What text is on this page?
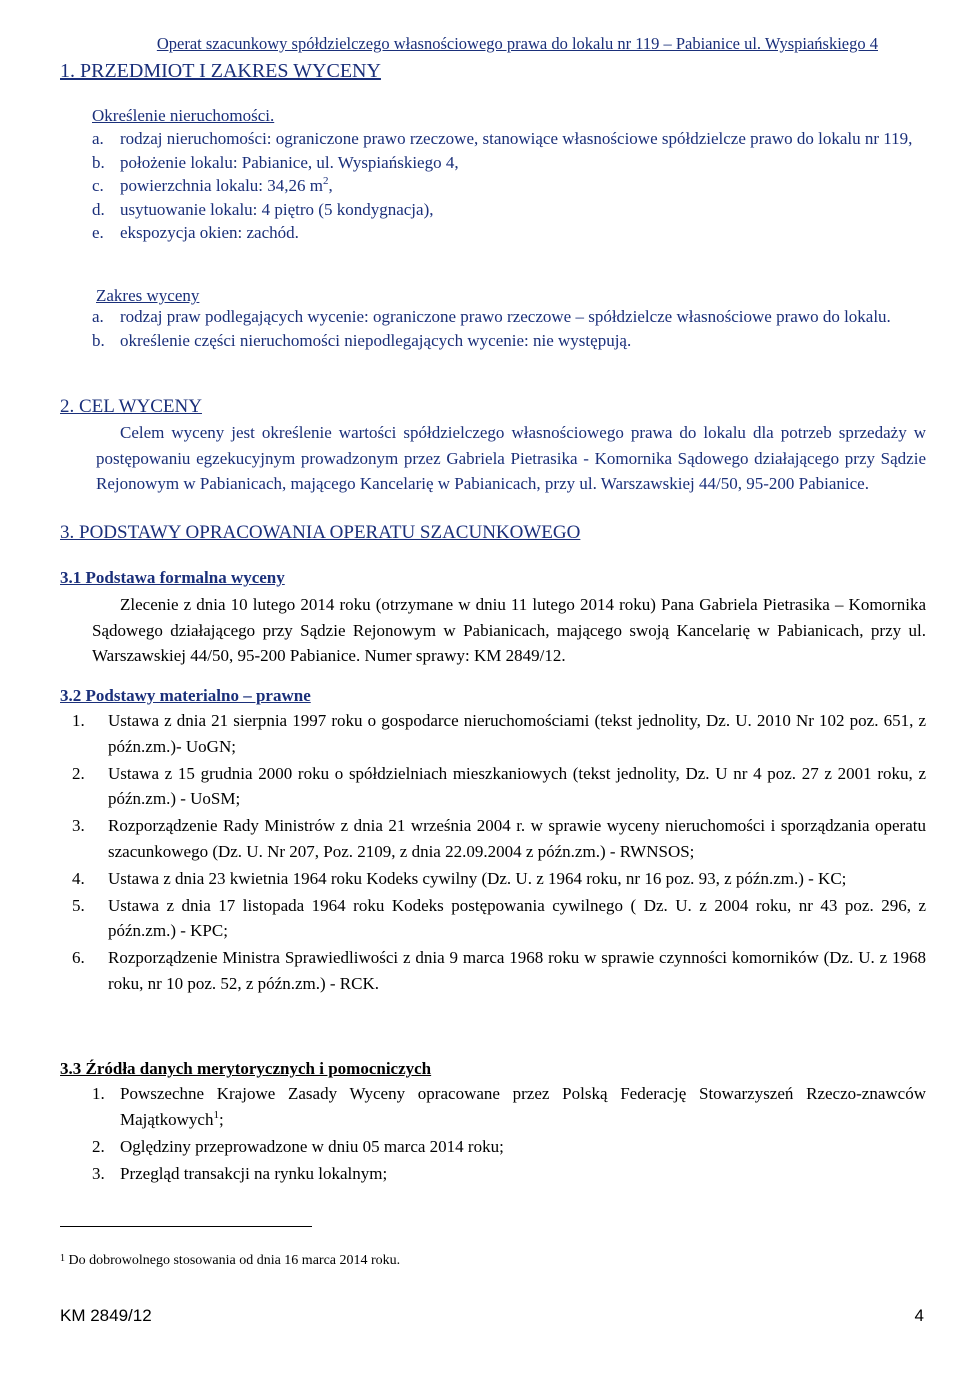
Operat szacunkowy spółdzielczego własnościowego prawa do lokalu nr 119 – Pabianice ul. Wyspiańskiego 4
1. PRZEDMIOT I ZAKRES WYCENY
Określenie nieruchomości.
a. rodzaj nieruchomości: ograniczone prawo rzeczowe, stanowiące własnościowe spółdzielcze prawo do lokalu nr 119,
b. położenie lokalu: Pabianice, ul. Wyspiańskiego 4,
c. powierzchnia lokalu: 34,26 $m^2$,
d. usytuowanie lokalu: 4 piętro (5 kondygnacja),
e. ekspozycja okien: zachód.
Zakres wyceny
a. rodzaj praw podlegających wycenie: ograniczone prawo rzeczowe – spółdzielcze własnościowe prawo do lokalu.
b. określenie części nieruchomości niepodlegających wycenie: nie występują.
2. CEL WYCENY
Celem wyceny jest określenie wartości spółdzielczego własnościowego prawa do lokalu dla potrzeb sprzedaży w postępowaniu egzekucyjnym prowadzonym przez Gabriela Pietrasika - Komornika Sądowego działającego przy Sądzie Rejonowym w Pabianicach, mającego Kancelarię w Pabianicach, przy ul. Warszawskiej 44/50, 95-200 Pabianice.
3. PODSTAWY OPRACOWANIA OPERATU SZACUNKOWEGO
3.1 Podstawa formalna wyceny
Zlecenie z dnia 10 lutego 2014 roku (otrzymane w dniu 11 lutego 2014 roku) Pana Gabriela Pietrasika – Komornika Sądowego działającego przy Sądzie Rejonowym w Pabianicach, mającego swoją Kancelarię w Pabianicach, przy ul. Warszawskiej 44/50, 95-200 Pabianice. Numer sprawy: KM 2849/12.
3.2 Podstawy materialno – prawne
1. Ustawa z dnia 21 sierpnia 1997 roku o gospodarce nieruchomościami (tekst jednolity, Dz. U. 2010 Nr 102 poz. 651, z późn.zm.)- UoGN;
2. Ustawa z 15 grudnia 2000 roku o spółdzielniach mieszkaniowych (tekst jednolity, Dz. U nr 4 poz. 27 z 2001 roku, z późn.zm.) - UoSM;
3. Rozporządzenie Rady Ministrów z dnia 21 września 2004 r. w sprawie wyceny nieruchomości i sporządzania operatu szacunkowego (Dz. U. Nr 207, Poz. 2109, z dnia 22.09.2004 z późn.zm.) - RWNSOS;
4. Ustawa z dnia 23 kwietnia 1964 roku Kodeks cywilny (Dz. U. z 1964 roku, nr 16 poz. 93, z późn.zm.) - KC;
5. Ustawa z dnia 17 listopada 1964 roku Kodeks postępowania cywilnego ( Dz. U. z 2004 roku, nr 43 poz. 296, z późn.zm.) - KPC;
6. Rozporządzenie Ministra Sprawiedliwości z dnia 9 marca 1968 roku w sprawie czynności komorników (Dz. U. z 1968 roku, nr 10 poz. 52, z późn.zm.) - RCK.
3.3 Źródła danych merytorycznych i pomocniczych
1. Powszechne Krajowe Zasady Wyceny opracowane przez Polską Federację Stowarzyszeń Rzeczo-znawców Majątkowych$^1$;
2. Oględziny przeprowadzone w dniu 05 marca 2014 roku;
3. Przegląd transakcji na rynku lokalnym;
$^1$ Do dobrowolnego stosowania od dnia 16 marca 2014 roku.
KM 2849/12	4
